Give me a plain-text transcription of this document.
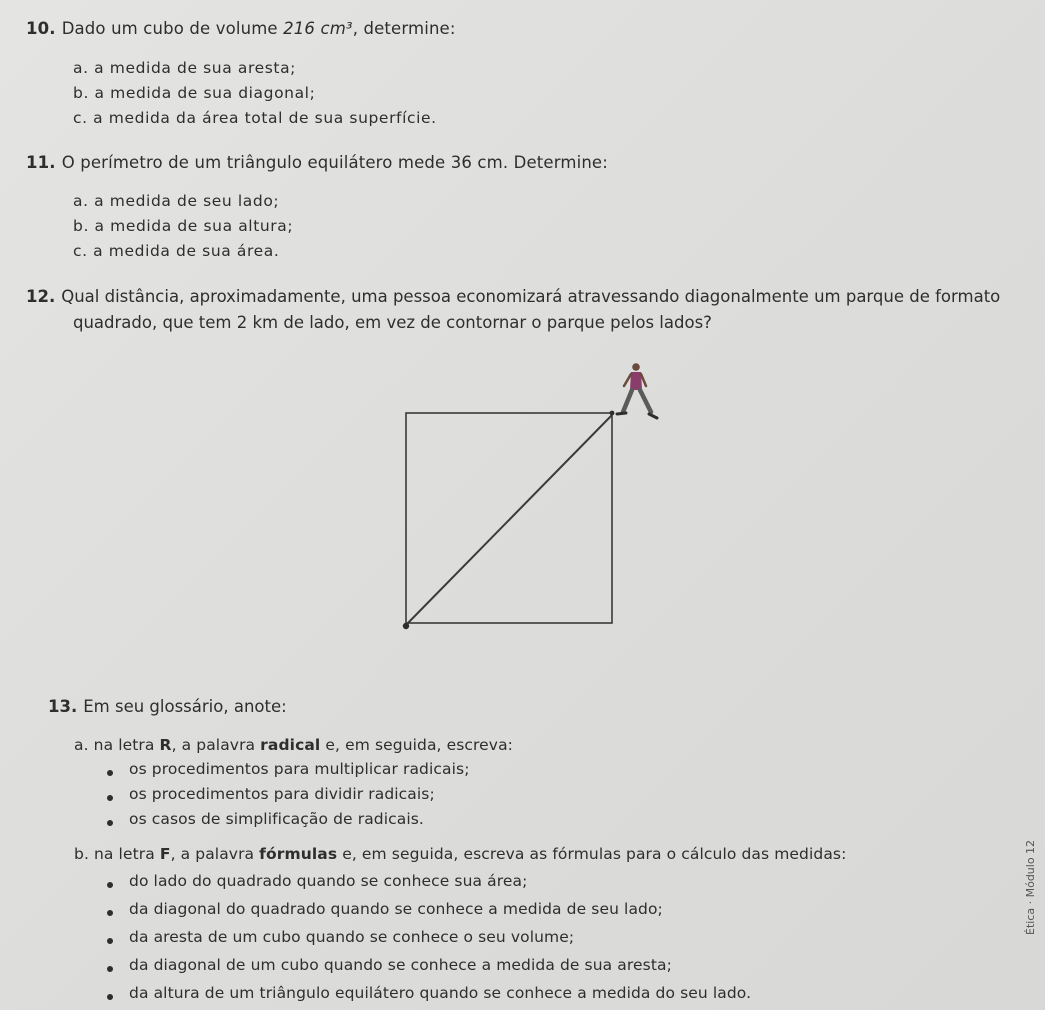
10. Dado um cubo de volume 216 cm³, determine:
a. a medida de sua aresta;
b. a medida de sua diagonal;
c. a medida da área total de sua superfície.
11. O perímetro de um triângulo equilátero mede 36 cm. Determine:
a. a medida de seu lado;
b. a medida de sua altura;
c. a medida de sua área.
12. Qual distância, aproximadamente, uma pessoa economizará atravessando diagonalmente um parque de formato
quadrado, que tem 2 km de lado, em vez de contornar o parque pelos lados?
13. Em seu glossário, anote:
a. na letra R, a palavra radical e, em seguida, escreva:
os procedimentos para multiplicar radicais;
os procedimentos para dividir radicais;
os casos de simplificação de radicais.
b. na letra F, a palavra fórmulas e, em seguida, escreva as fórmulas para o cálculo das medidas:
do lado do quadrado quando se conhece sua área;
da diagonal do quadrado quando se conhece a medida de seu lado;
da aresta de um cubo quando se conhece o seu volume;
da diagonal de um cubo quando se conhece a medida de sua aresta;
da altura de um triângulo equilátero quando se conhece a medida do seu lado.
Ética · Módulo 12
